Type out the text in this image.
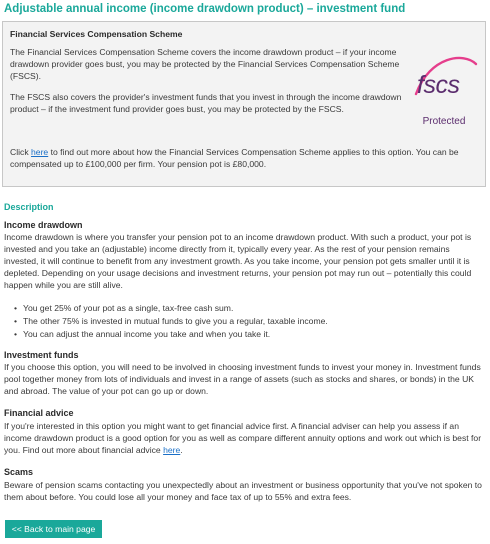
Adjustable annual income (income drawdown product) – investment fund
Financial Services Compensation Scheme

The Financial Services Compensation Scheme covers the income drawdown product – if your income drawdown provider goes bust, you may be protected by the Financial Services Compensation Scheme (FSCS).

The FSCS also covers the provider's investment funds that you invest in through the income drawdown product – if the investment fund provider goes bust, you may be protected by the FSCS.

Click here to find out more about how the Financial Services Compensation Scheme applies to this option. You can be compensated up to £100,000 per firm. Your pension pot is £80,000.
fscs
Protected
Description
Income drawdown
Income drawdown is where you transfer your pension pot to an income drawdown product. With such a product, your pot is invested and you take an (adjustable) income directly from it, typically every year. As the rest of your pension remains invested, it will continue to benefit from any investment growth. As you take income, your pension pot gets smaller until it is depleted. Depending on your usage decisions and investment returns, your pension pot may run out – potentially this could happen while you are still alive.
• You get 25% of your pot as a single, tax-free cash sum.
• The other 75% is invested in mutual funds to give you a regular, taxable income.
• You can adjust the annual income you take and when you take it.
Investment funds
If you choose this option, you will need to be involved in choosing investment funds to invest your money in. Investment funds pool together money from lots of individuals and invest in a range of assets (such as stocks and shares, or bonds) in the UK and abroad. The value of your pot can go up or down.
Financial advice
If you're interested in this option you might want to get financial advice first. A financial adviser can help you assess if an income drawdown product is a good option for you as well as compare different annuity options and work out which is best for you. Find out more about financial advice here.
Scams
Beware of pension scams contacting you unexpectedly about an investment or business opportunity that you've not spoken to them about before. You could lose all your money and face tax of up to 55% and extra fees.
<< Back to main page
